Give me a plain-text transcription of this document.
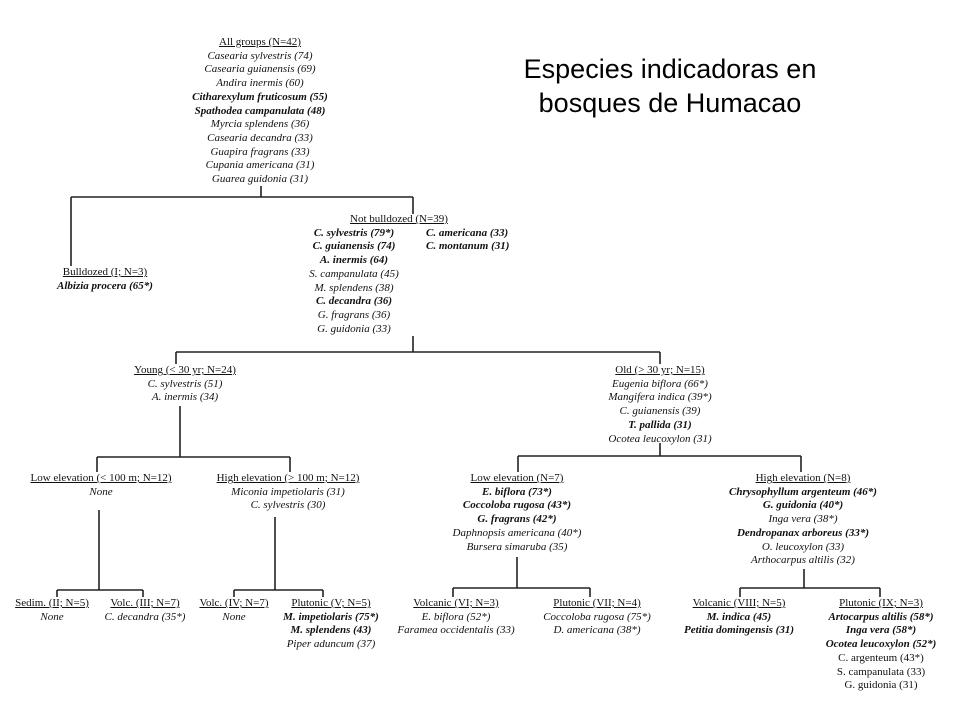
Especies indicadoras en
bosques de Humacao
All groups (N=42)
Casearia sylvestris (74)
Casearia guianensis (69)
Andira inermis (60)
Citharexylum fruticosum (55)
Spathodea campanulata (48)
Myrcia splendens (36)
Casearia decandra (33)
Guapira fragrans (33)
Cupania americana (31)
Guarea guidonia (31)
Bulldozed (I; N=3)
Albizia procera (65*)
Not bulldozed (N=39)
C. sylvestris (79*)
C. guianensis (74)
A. inermis (64)
S. campanulata (45)
M. splendens (38)
C. decandra (36)
G. fragrans (36)
G. guidonia (33)
C. americana (33)
C. montanum (31)
Young (< 30 yr; N=24)
C. sylvestris (51)
A. inermis (34)
Old (> 30 yr; N=15)
Eugenia biflora (66*)
Mangifera indica (39*)
C. guianensis (39)
T. pallida (31)
Ocotea leucoxylon (31)
Low elevation (< 100 m; N=12)
None
High elevation (> 100 m; N=12)
Miconia impetiolaris (31)
C. sylvestris (30)
Low elevation (N=7)
E. biflora (73*)
Coccoloba rugosa (43*)
G. fragrans (42*)
Daphnopsis americana (40*)
Bursera simaruba (35)
High elevation (N=8)
Chrysophyllum argenteum (46*)
G. guidonia (40*)
Inga vera (38*)
Dendropanax arboreus (33*)
O. leucoxylon (33)
Arthocarpus altilis (32)
Sedim. (II; N=5)
None
Volc. (III; N=7)
C. decandra (35*)
Volc. (IV; N=7)
None
Plutonic (V; N=5)
M. impetiolaris (75*)
M. splendens (43)
Piper aduncum (37)
Volcanic (VI; N=3)
E. biflora (52*)
Faramea occidentalis (33)
Plutonic (VII; N=4)
Coccoloba rugosa (75*)
D. americana (38*)
Volcanic (VIII; N=5)
M. indica (45)
Petitia domingensis (31)
Plutonic (IX; N=3)
Artocarpus altilis (58*)
Inga vera (58*)
Ocotea leucoxylon (52*)
C. argenteum (43*)
S. campanulata (33)
G. guidonia (31)
